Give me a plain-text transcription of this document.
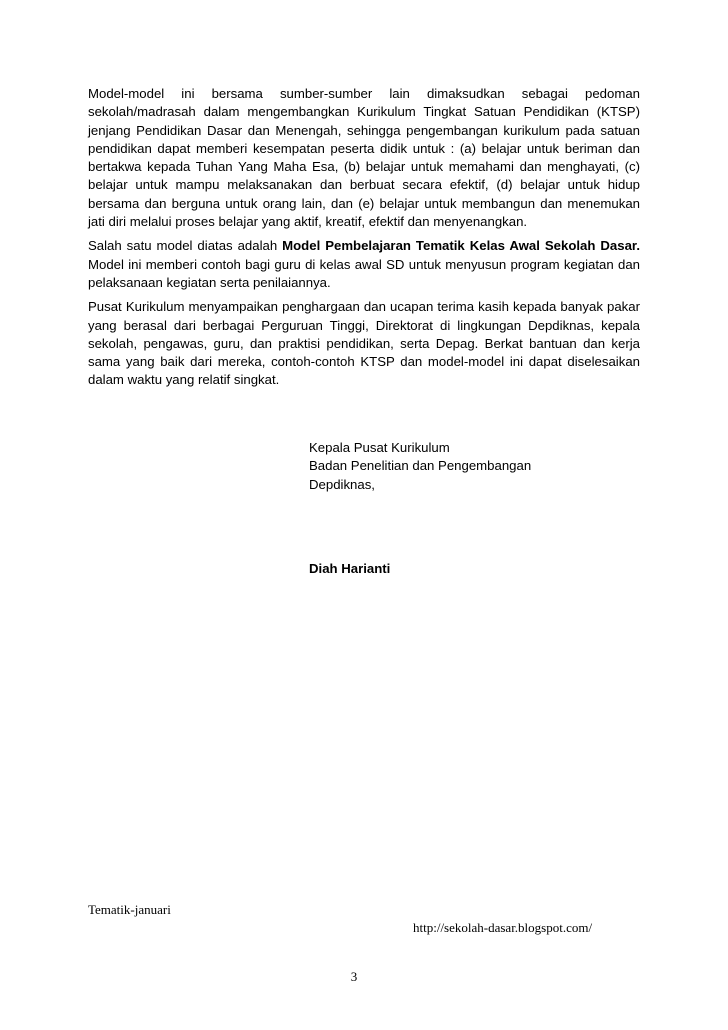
Model-model ini bersama sumber-sumber lain dimaksudkan sebagai pedoman sekolah/madrasah dalam mengembangkan Kurikulum Tingkat Satuan Pendidikan (KTSP) jenjang Pendidikan Dasar dan Menengah, sehingga pengembangan kurikulum pada satuan pendidikan dapat memberi kesempatan peserta didik untuk : (a) belajar untuk beriman dan bertakwa kepada Tuhan Yang Maha Esa, (b) belajar untuk memahami dan menghayati, (c) belajar untuk mampu melaksanakan dan berbuat secara efektif, (d) belajar untuk hidup bersama dan berguna untuk orang lain, dan (e) belajar untuk membangun dan menemukan jati diri melalui proses belajar yang aktif, kreatif, efektif dan menyenangkan.

Salah satu model diatas adalah Model Pembelajaran Tematik Kelas Awal Sekolah Dasar. Model ini memberi contoh bagi guru di kelas awal SD untuk menyusun program kegiatan dan pelaksanaan kegiatan serta penilaiannya.

Pusat Kurikulum menyampaikan penghargaan dan ucapan terima kasih kepada banyak pakar yang berasal dari berbagai Perguruan Tinggi, Direktorat di lingkungan Depdiknas, kepala sekolah, pengawas, guru, dan praktisi pendidikan, serta Depag. Berkat bantuan dan kerja sama yang baik dari mereka, contoh-contoh KTSP dan model-model ini dapat diselesaikan dalam waktu yang relatif singkat.

Kepala Pusat Kurikulum
Badan Penelitian dan Pengembangan
Depdiknas,
Diah Harianti
Tematik-januari
http://sekolah-dasar.blogspot.com/
3
